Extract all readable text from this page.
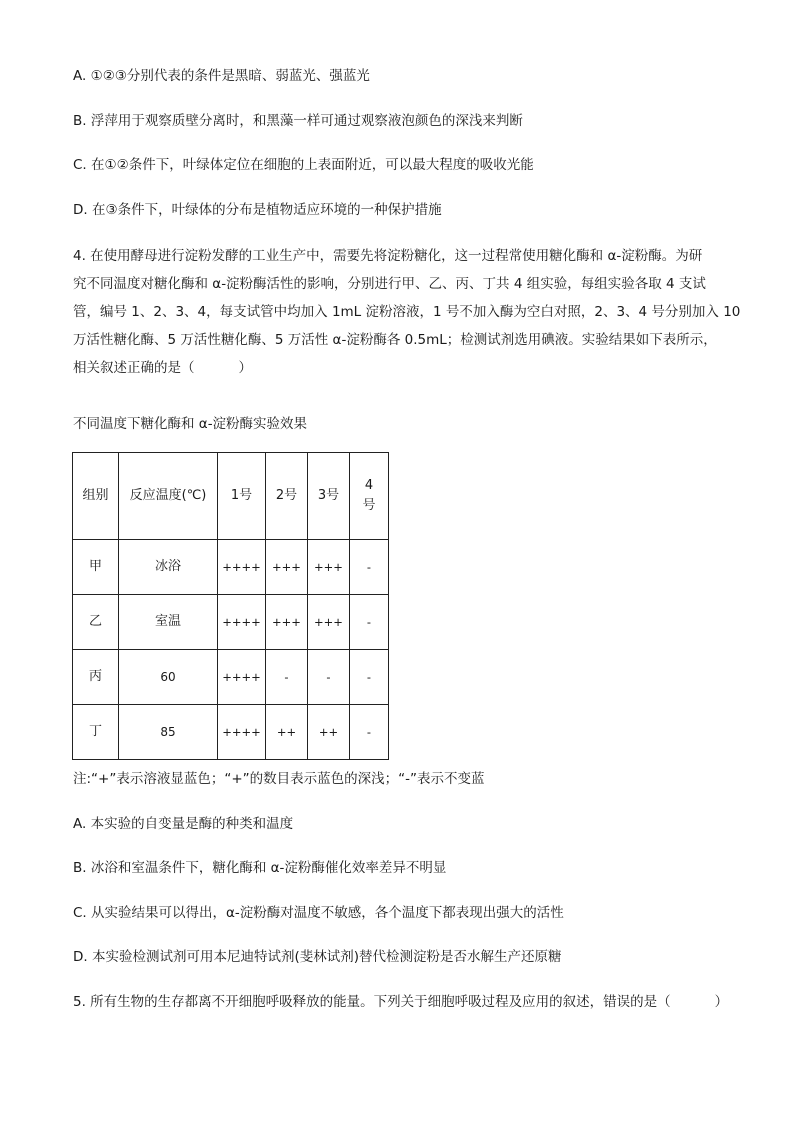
A. ①②③分别代表的条件是黑暗、弱蓝光、强蓝光
B. 浮萍用于观察质壁分离时，和黑藻一样可通过观察液泡颜色的深浅来判断
C. 在①②条件下，叶绿体定位在细胞的上表面附近，可以最大程度的吸收光能
D. 在③条件下，叶绿体的分布是植物适应环境的一种保护措施
4. 在使用酵母进行淀粉发酵的工业生产中，需要先将淀粉糖化，这一过程常使用糖化酶和 α-淀粉酶。为研
究不同温度对糖化酶和 α-淀粉酶活性的影响，分别进行甲、乙、丙、丁共 4 组实验，每组实验各取 4 支试
管，编号 1、2、3、4，每支试管中均加入 1mL 淀粉溶液，1 号不加入酶为空白对照，2、3、4 号分别加入 10
万活性糖化酶、5 万活性糖化酶、5 万活性 α-淀粉酶各 0.5mL；检测试剂选用碘液。实验结果如下表所示，
相关叙述正确的是（	）
不同温度下糖化酶和 α-淀粉酶实验效果
组别	反应温度(℃)	1号	2号	3号	4
号
甲	冰浴	++++	+++	+++	-
乙	室温	++++	+++	+++	-
丙	60	++++	-	-	-
丁	85	++++	++	++	-
注:“+”表示溶液显蓝色；“+”的数目表示蓝色的深浅；“-”表示不变蓝
A. 本实验的自变量是酶的种类和温度
B. 冰浴和室温条件下，糖化酶和 α-淀粉酶催化效率差异不明显
C. 从实验结果可以得出，α-淀粉酶对温度不敏感，各个温度下都表现出强大的活性
D. 本实验检测试剂可用本尼迪特试剂(斐林试剂)替代检测淀粉是否水解生产还原糖
5. 所有生物的生存都离不开细胞呼吸释放的能量。下列关于细胞呼吸过程及应用的叙述，错误的是（	）
